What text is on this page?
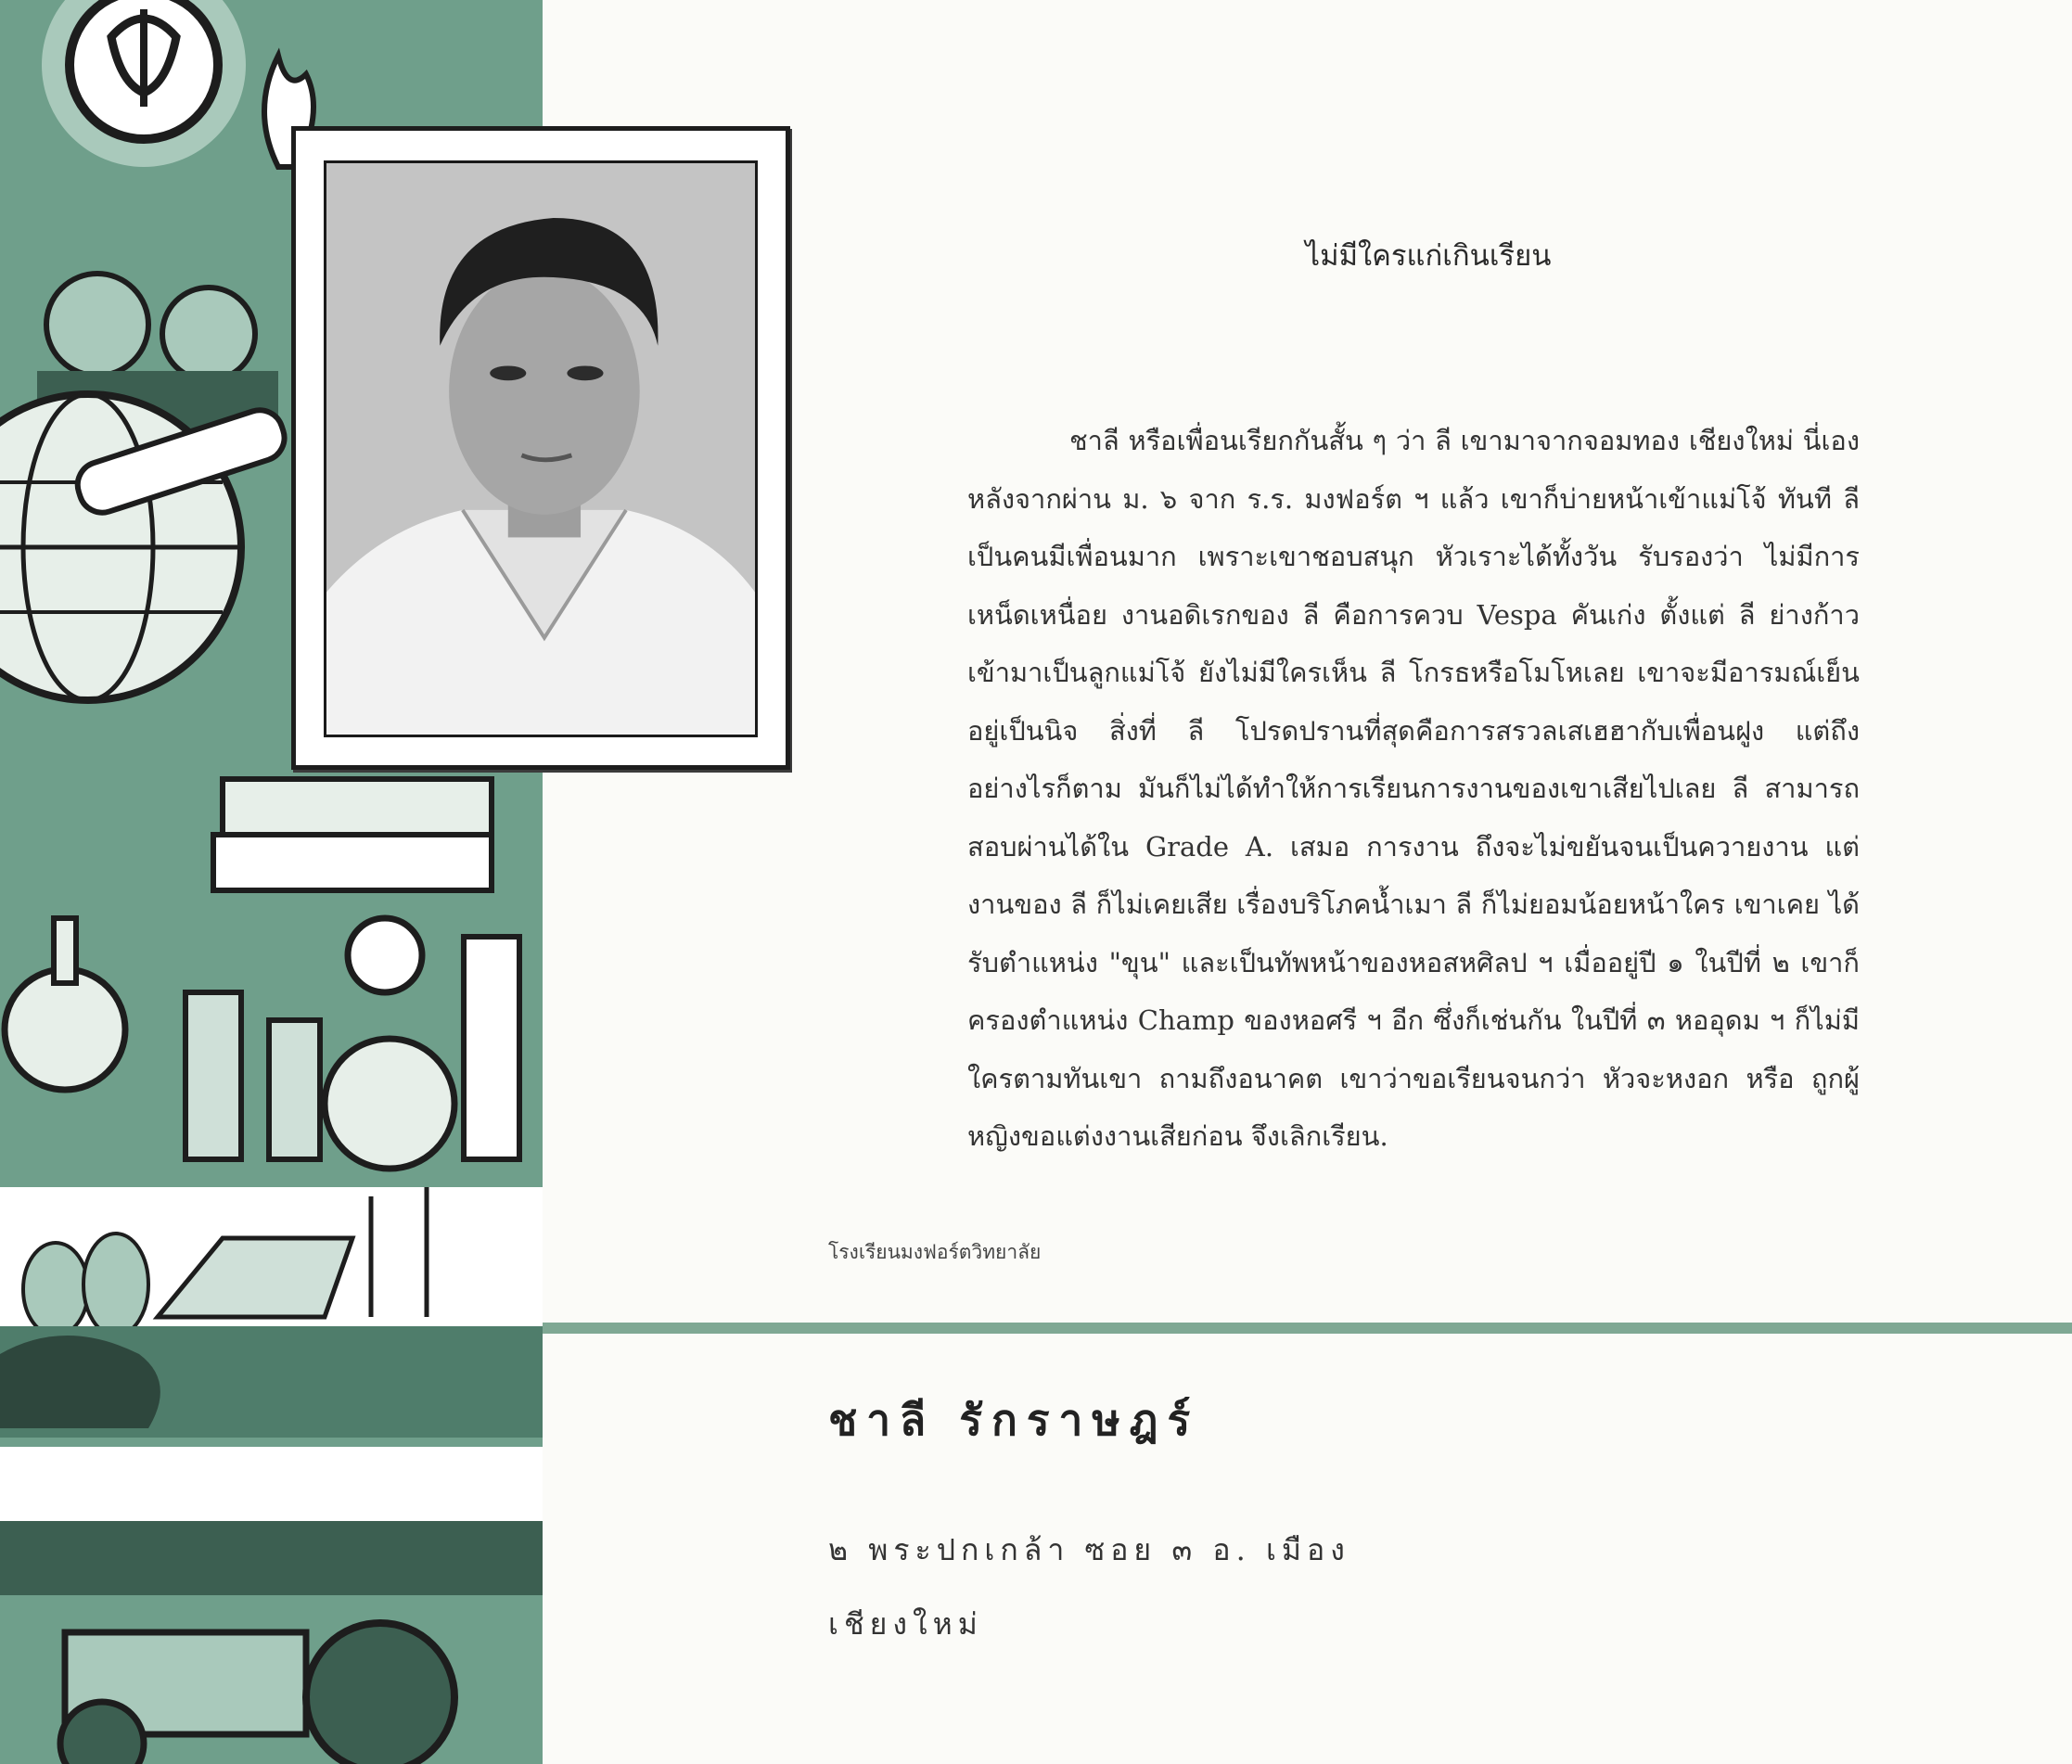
ไม่มีใครแก่เกินเรียน

ชาลี หรือเพื่อนเรียกกันสั้น ๆ ว่า ลี เขามาจากจอมทอง เชียงใหม่ นี่เอง หลังจากผ่าน ม. ๖ จาก ร.ร. มงฟอร์ต ฯ แล้ว เขาก็บ่ายหน้าเข้าแม่โจ้ ทันที ลีเป็นคนมีเพื่อนมาก เพราะเขาชอบสนุก หัวเราะได้ทั้งวัน รับรองว่า ไม่มีการเหน็ดเหนื่อย งานอดิเรกของ ลี คือการควบ Vespa คันเก่ง ตั้งแต่ ลี ย่างก้าว เข้ามาเป็นลูกแม่โจ้ ยังไม่มีใครเห็น ลี โกรธหรือโมโหเลย เขาจะมีอารมณ์เย็น อยู่เป็นนิจ สิ่งที่ ลี โปรดปรานที่สุดคือการสรวลเสเฮฮากับเพื่อนฝูง แต่ถึง อย่างไรก็ตาม มันก็ไม่ได้ทำให้การเรียนการงานของเขาเสียไปเลย ลี สามารถ สอบผ่านได้ใน Grade A. เสมอ การงาน ถึงจะไม่ขยันจนเป็นควายงาน แต่ งานของ ลี ก็ไม่เคยเสีย เรื่องบริโภคน้ำเมา ลี ก็ไม่ยอมน้อยหน้าใคร เขาเคย ได้รับตำแหน่ง "ขุน" และเป็นทัพหน้าของหอสหศิลป ฯ เมื่ออยู่ปี ๑ ในปีที่ ๒ เขาก็ครองตำแหน่ง Champ ของหอศรี ฯ อีก ซึ่งก็เช่นกัน ในปีที่ ๓ หออุดม ฯ ก็ไม่มีใครตามทันเขา ถามถึงอนาคต เขาว่าขอเรียนจนกว่า หัวจะหงอก หรือ ถูกผู้หญิงขอแต่งงานเสียก่อน จึงเลิกเรียน.

โรงเรียนมงฟอร์ตวิทยาลัย
ชาลี รักราษฎร์
๒ พระปกเกล้า ซอย ๓ อ. เมือง
เชียงใหม่
